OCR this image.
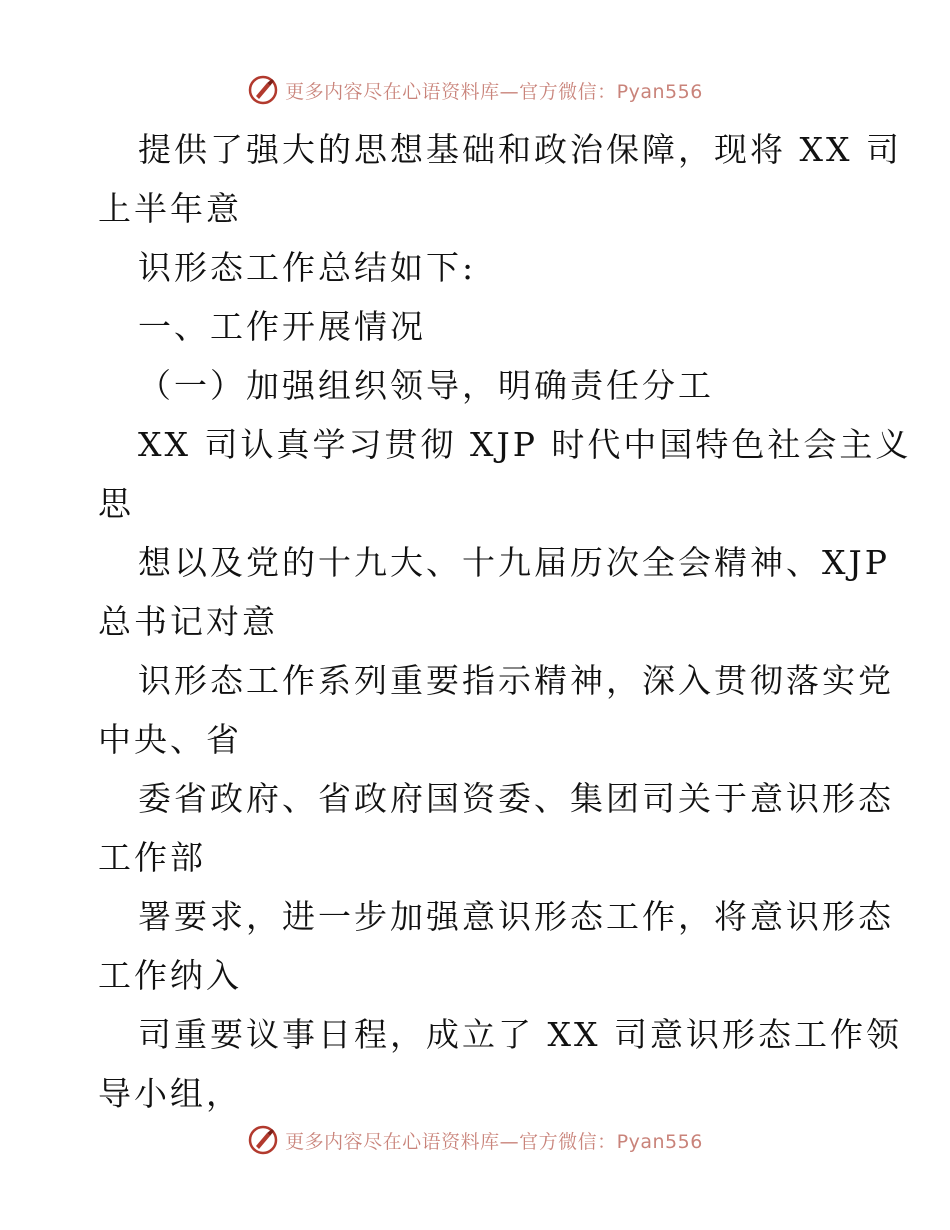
更多内容尽在心语资料库—官方微信：Pyan556
提供了强大的思想基础和政治保障，现将 XX 司
上半年意
识形态工作总结如下:
一、工作开展情况
（一）加强组织领导，明确责任分工
XX 司认真学习贯彻 XJP 时代中国特色社会主义
思
想以及党的十九大、十九届历次全会精神、XJP
总书记对意
识形态工作系列重要指示精神，深入贯彻落实党
中央、省
委省政府、省政府国资委、集团司关于意识形态
工作部
署要求，进一步加强意识形态工作，将意识形态
工作纳入
司重要议事日程，成立了 XX 司意识形态工作领
导小组，
更多内容尽在心语资料库—官方微信：Pyan556
